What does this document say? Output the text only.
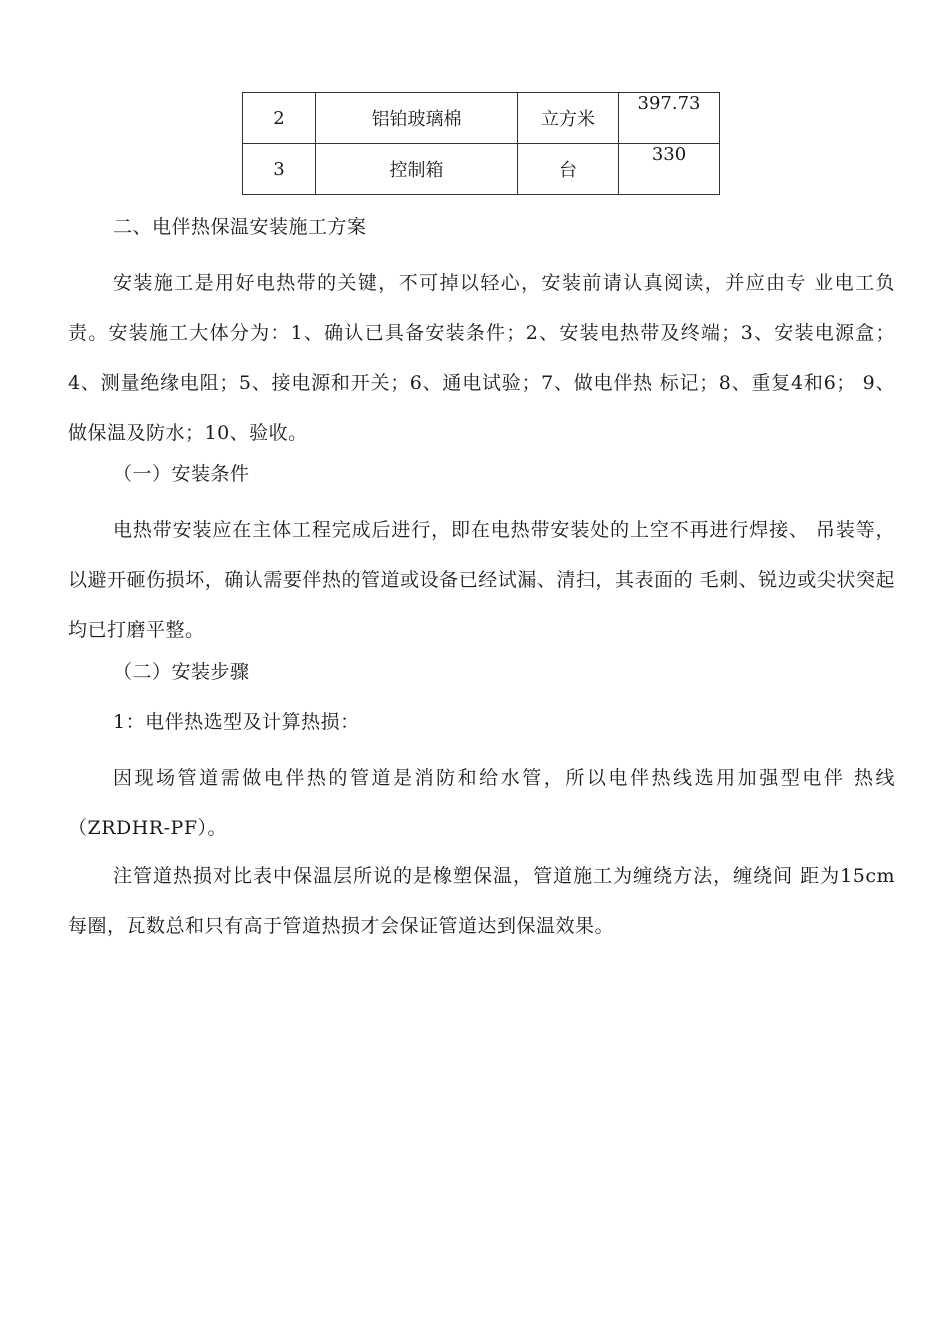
2	铝铂玻璃棉	立方米	397.73
3	控制箱	台	330
二、电伴热保温安装施工方案
安装施工是用好电热带的关键，不可掉以轻心，安装前请认真阅读，并应由专 业电工负责。安装施工大体分为：1、确认已具备安装条件；2、安装电热带及终端；3、安装电源盒；4、测量绝缘电阻；5、接电源和开关；6、通电试验；7、做电伴热 标记；8、重复4和6； 9、做保温及防水；10、验收。
（一）安装条件
电热带安装应在主体工程完成后进行，即在电热带安装处的上空不再进行焊接、 吊装等，以避开砸伤损坏，确认需要伴热的管道或设备已经试漏、清扫，其表面的 毛刺、锐边或尖状突起均已打磨平整。
（二）安装步骤
1：电伴热选型及计算热损：
因现场管道需做电伴热的管道是消防和给水管，所以电伴热线选用加强型电伴 热线（ZRDHR-PF）。
注管道热损对比表中保温层所说的是橡塑保温，管道施工为缠绕方法，缠绕间 距为15cm每圈，瓦数总和只有高于管道热损才会保证管道达到保温效果。
